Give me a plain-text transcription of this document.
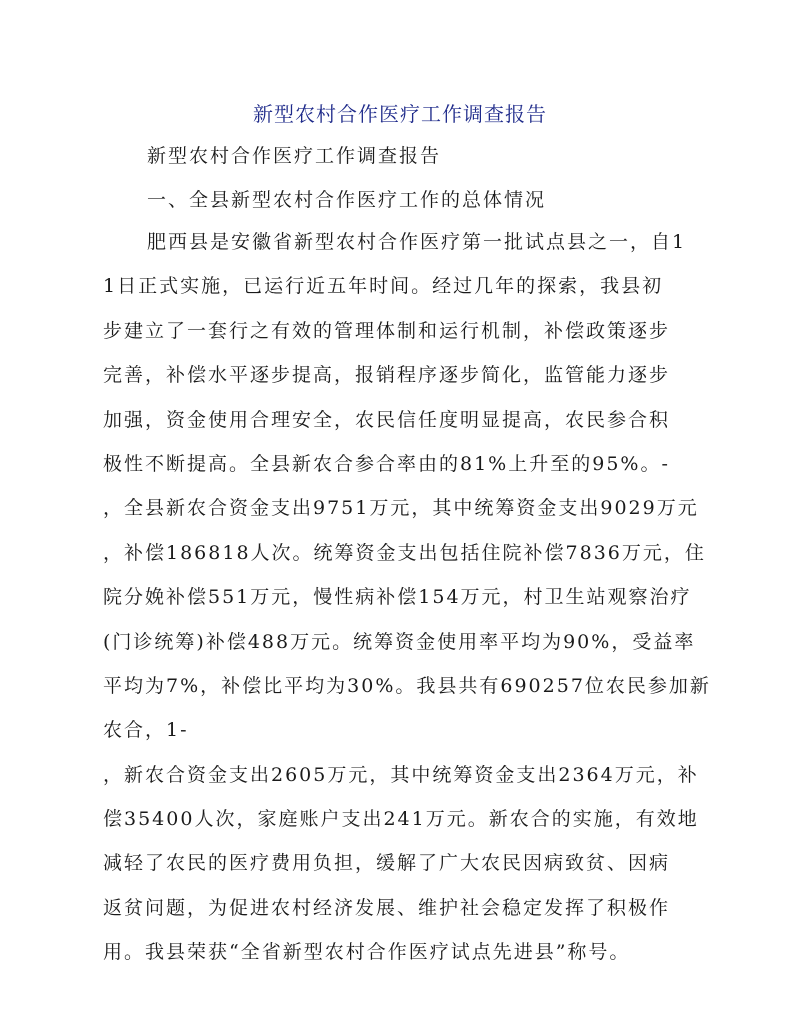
新型农村合作医疗工作调查报告
新型农村合作医疗工作调查报告
一、全县新型农村合作医疗工作的总体情况
肥西县是安徽省新型农村合作医疗第一批试点县之一，自1
1日正式实施，已运行近五年时间。经过几年的探索，我县初
步建立了一套行之有效的管理体制和运行机制，补偿政策逐步
完善，补偿水平逐步提高，报销程序逐步简化，监管能力逐步
加强，资金使用合理安全，农民信任度明显提高，农民参合积
极性不断提高。全县新农合参合率由的81%上升至的95%。-
，全县新农合资金支出9751万元，其中统筹资金支出9029万元
，补偿186818人次。统筹资金支出包括住院补偿7836万元，住
院分娩补偿551万元，慢性病补偿154万元，村卫生站观察治疗
(门诊统筹)补偿488万元。统筹资金使用率平均为90%，受益率
平均为7%，补偿比平均为30%。我县共有690257位农民参加新
农合，1-
，新农合资金支出2605万元，其中统筹资金支出2364万元，补
偿35400人次，家庭账户支出241万元。新农合的实施，有效地
减轻了农民的医疗费用负担，缓解了广大农民因病致贫、因病
返贫问题，为促进农村经济发展、维护社会稳定发挥了积极作
用。我县荣获“全省新型农村合作医疗试点先进县”称号。
